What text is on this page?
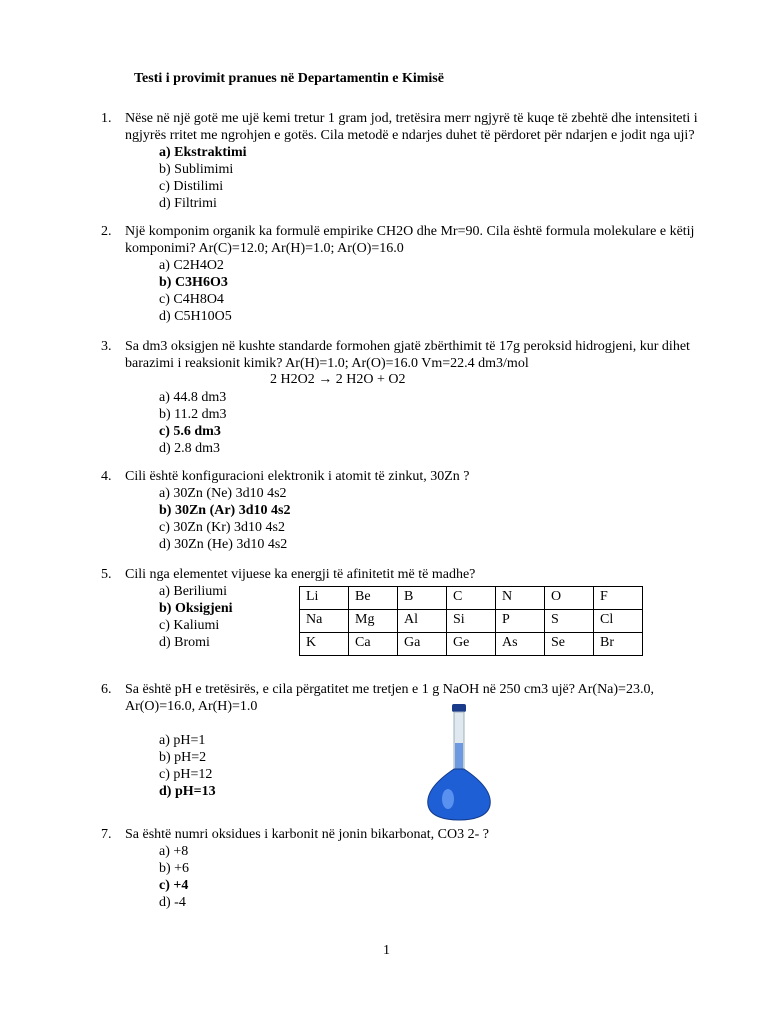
Testi i provimit pranues në Departamentin e Kimisë
1. Nëse në një gotë me ujë kemi tretur 1 gram jod, tretësira merr ngjyrë të kuqe të zbehtë dhe intensiteti i ngjyrës rritet me ngrohjen e gotës. Cila metodë e ndarjes duhet të përdoret për ndarjen e jodit nga uji?
a) Ekstraktimi
b) Sublimimi
c) Distilimi
d) Filtrimi
2. Një komponim organik ka formulë empirike CH2O dhe Mr=90. Cila është formula molekulare e këtij komponimi? Ar(C)=12.0; Ar(H)=1.0; Ar(O)=16.0
a) C2H4O2
b) C3H6O3
c) C4H8O4
d) C5H10O5
3. Sa dm3 oksigjen në kushte standarde formohen gjatë zbërthimit të 17g peroksid hidrogjeni, kur dihet barazimi i reaksionit kimik? Ar(H)=1.0; Ar(O)=16.0 Vm=22.4 dm3/mol
a) 44.8 dm3
b) 11.2 dm3
c) 5.6 dm3
d) 2.8 dm3
2 H2O2 → 2 H2O + O2
4. Cili është konfiguracioni elektronik i atomit të zinkut, 30Zn ?
a) 30Zn (Ne) 3d10 4s2
b) 30Zn (Ar) 3d10 4s2
c) 30Zn (Kr) 3d10 4s2
d) 30Zn (He) 3d10 4s2
5. Cili nga elementet vijuese ka energji të afinitetit më të madhe?
a) Beriliumi
b) Oksigjeni
c) Kaliumi
d) Bromi
Li	Be	B	C	N	O	F
Na	Mg	Al	Si	P	S	Cl
K	Ca	Ga	Ge	As	Se	Br
6. Sa është pH e tretësirës, e cila përgatitet me tretjen e 1 g NaOH në 250 cm3 ujë? Ar(Na)=23.0, Ar(O)=16.0, Ar(H)=1.0
a) pH=1
b) pH=2
c) pH=12
d) pH=13
7. Sa është numri oksidues i karbonit në jonin bikarbonat, CO3 2- ?
a) +8
b) +6
c) +4
d) -4
1
